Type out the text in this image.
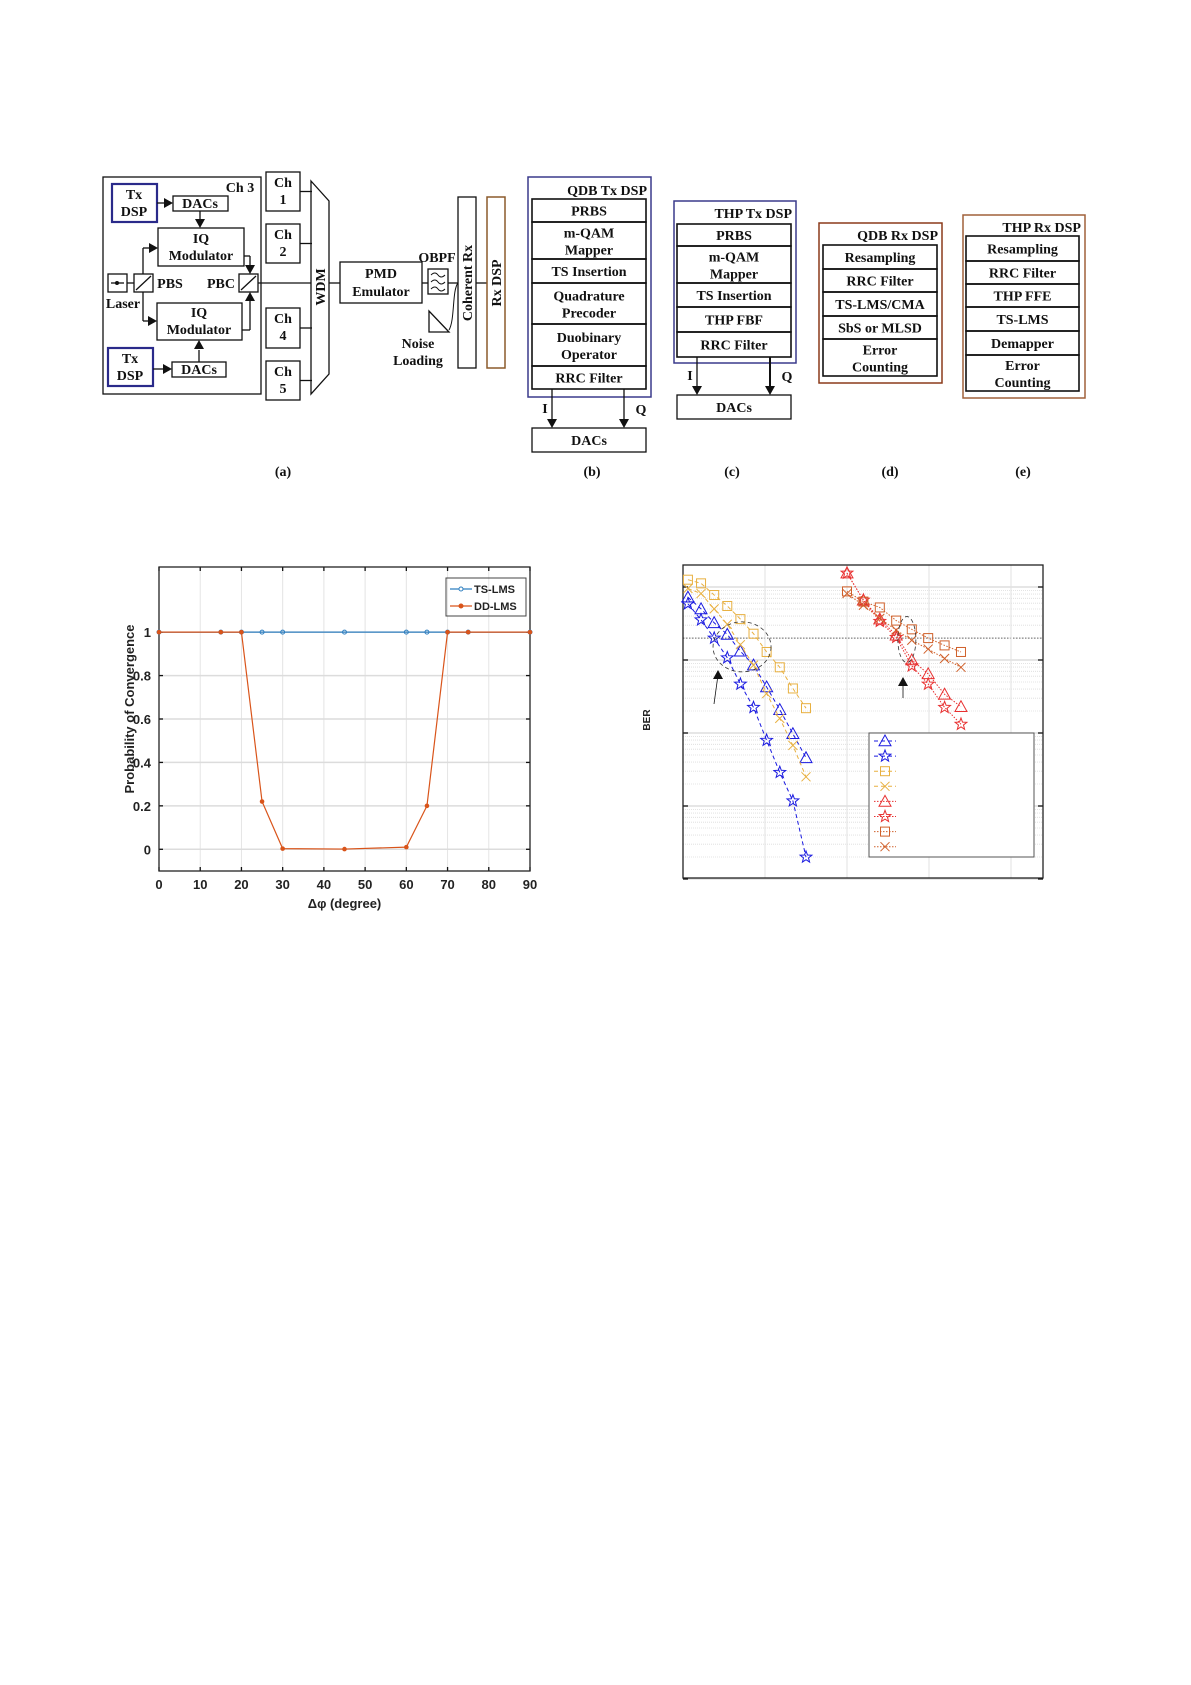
Ch 3
Tx
DSP
DACs
IQ
Modulator
PBS
Laser
PBC
IQ
Modulator
Tx
DSP	DACs
Ch
1
Ch
2
Ch
4
Ch
5
WDM	PMD
Emulator
OBPF
Noise
Loading
Coherent Rx Rx DSP
(a)
QDB Tx DSP
PRBS
m-QAM
Mapper
TS Insertion
Quadrature
Precoder
Duobinary
Operator
RRC Filter
I	Q
DACs
(b)
THP Tx DSP
PRBS
m-QAM
Mapper
TS Insertion
THP FBF
RRC Filter
I	Q
DACs
(c)
QDB Rx DSP
Resampling
RRC Filter
TS-LMS/CMA
SbS or MLSD
Error
Counting
(d)
THP Rx DSP
Resampling
RRC Filter
THP FFE
TS-LMS
Demapper
Error
Counting
(e)
0 10 20 30 40 50 60 70 80 90
0
0.2
0.4
0.6
0.8
1
Δφ (degree)
Probability of Convergence
TS-LMS
DD-LMS
BER
